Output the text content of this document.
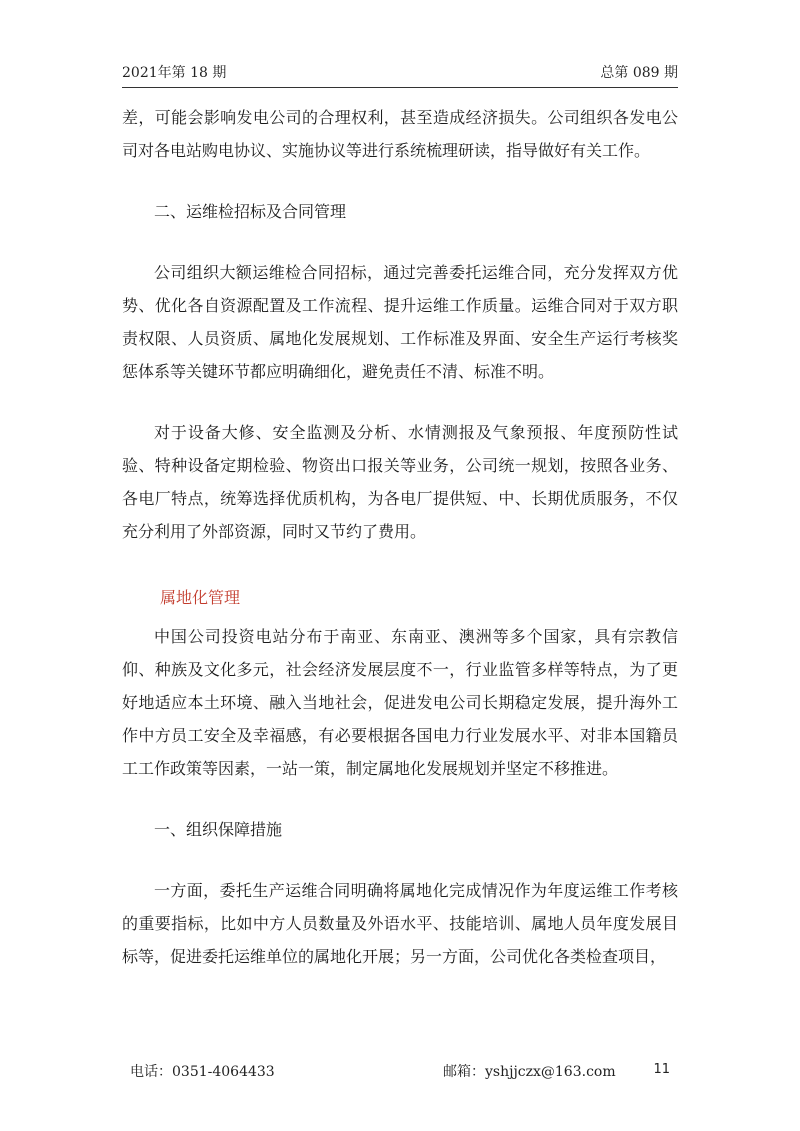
2021年第 18 期	总第 089 期

差，可能会影响发电公司的合理权利，甚至造成经济损失。公司组织各发电公司对各电站购电协议、实施协议等进行系统梳理研读，指导做好有关工作。

二、运维检招标及合同管理

公司组织大额运维检合同招标，通过完善委托运维合同，充分发挥双方优势、优化各自资源配置及工作流程、提升运维工作质量。运维合同对于双方职责权限、人员资质、属地化发展规划、工作标准及界面、安全生产运行考核奖惩体系等关键环节都应明确细化，避免责任不清、标准不明。

对于设备大修、安全监测及分析、水情测报及气象预报、年度预防性试验、特种设备定期检验、物资出口报关等业务，公司统一规划，按照各业务、各电厂特点，统筹选择优质机构，为各电厂提供短、中、长期优质服务，不仅充分利用了外部资源，同时又节约了费用。

属地化管理

中国公司投资电站分布于南亚、东南亚、澳洲等多个国家，具有宗教信仰、种族及文化多元，社会经济发展层度不一，行业监管多样等特点，为了更好地适应本土环境、融入当地社会，促进发电公司长期稳定发展，提升海外工作中方员工安全及幸福感，有必要根据各国电力行业发展水平、对非本国籍员工工作政策等因素，一站一策，制定属地化发展规划并坚定不移推进。

一、组织保障措施

一方面，委托生产运维合同明确将属地化完成情况作为年度运维工作考核的重要指标，比如中方人员数量及外语水平、技能培训、属地人员年度发展目标等，促进委托运维单位的属地化开展；另一方面，公司优化各类检查项目，

电话：0351-4064433	邮箱：yshjjczx@163.com	11
